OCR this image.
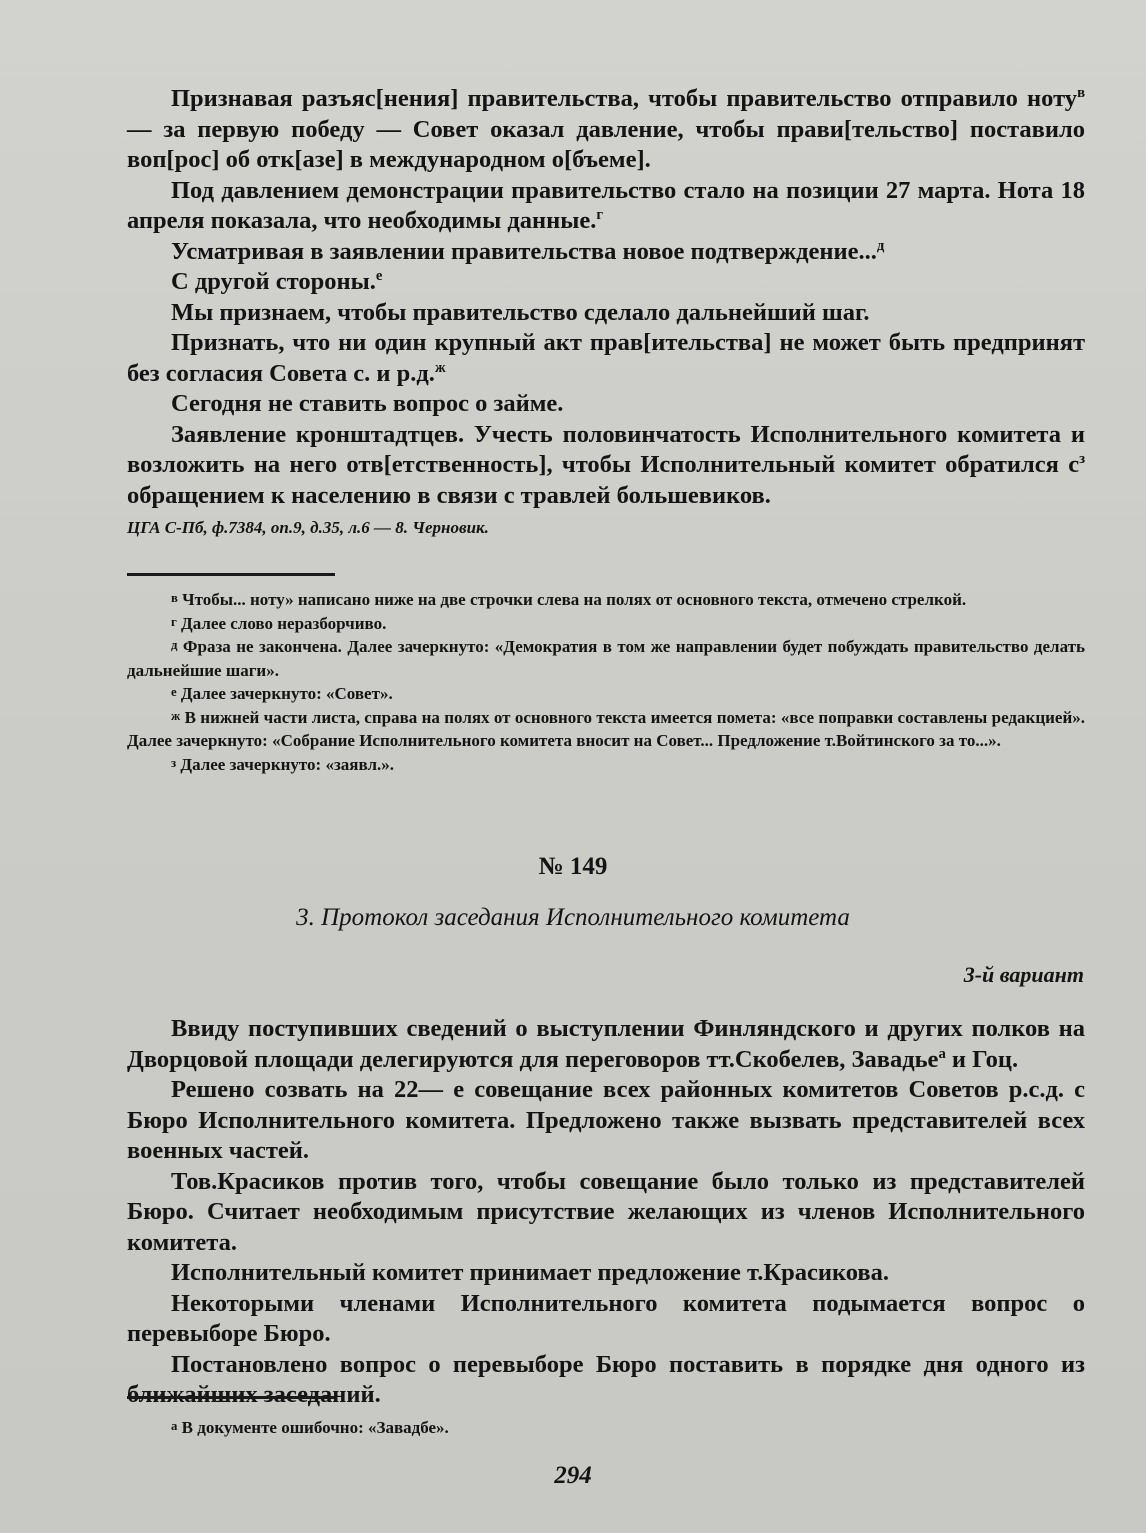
Признавая разъяс[нения] правительства, чтобы правительство отправило ноту$^в$ — за первую победу — Совет оказал давление, чтобы прави[тельство] поставило воп[рос] об отк[азе] в международном о[бъеме].

Под давлением демонстрации правительство стало на позиции 27 марта. Нота 18 апреля показала, что необходимы данные.$^г$

Усматривая в заявлении правительства новое подтверждение...$^д$

С другой стороны.$^е$

Мы признаем, чтобы правительство сделало дальнейший шаг.

Признать, что ни один крупный акт прав[ительства] не может быть предпринят без согласия Совета с. и р.д.$^ж$

Сегодня не ставить вопрос о займе.

Заявление кронштадтцев. Учесть половинчатость Исполнительного комитета и возложить на него отв[етственность], чтобы Исполнительный комитет обратился $с^з$ обращением к населению в связи с травлей большевиков.

ЦГА С-Пб, ф.7384, оп.9, д.35, л.6 — 8. Черновик.

$^в$ Чтобы... ноту» написано ниже на две строчки слева на полях от основного текста, отмечено стрелкой.

$^г$ Далее слово неразборчиво.

$^д$ Фраза не закончена. Далее зачеркнуто: «Демократия в том же направлении будет побуждать правительство делать дальнейшие шаги».

$^е$ Далее зачеркнуто: «Совет».

$^ж$ В нижней части листа, справа на полях от основного текста имеется помета: «все поправки составлены редакцией». Далее зачеркнуто: «Собрание Исполнительного комитета вносит на Совет... Предложение т.Войтинского за то...».

$^з$ Далее зачеркнуто: «заявл.».

№ 149
3. Протокол заседания Исполнительного комитета
3-й вариант

Ввиду поступивших сведений о выступлении Финляндского и других полков на Дворцовой площади делегируются для переговоров тт.Скобелев, Завадье$^а$ и Гоц.

Решено созвать на 22— е совещание всех районных комитетов Советов р.с.д. с Бюро Исполнительного комитета. Предложено также вызвать представителей всех военных частей.

Тов.Красиков против того, чтобы совещание было только из представителей Бюро. Считает необходимым присутствие желающих из членов Исполнительного комитета.

Исполнительный комитет принимает предложение т.Красикова.

Некоторыми членами Исполнительного комитета подымается вопрос о перевыборе Бюро.

Постановлено вопрос о перевыборе Бюро поставить в порядке дня одного из ближайших заседаний.

$^а$ В документе ошибочно: «Завадбе».

294
